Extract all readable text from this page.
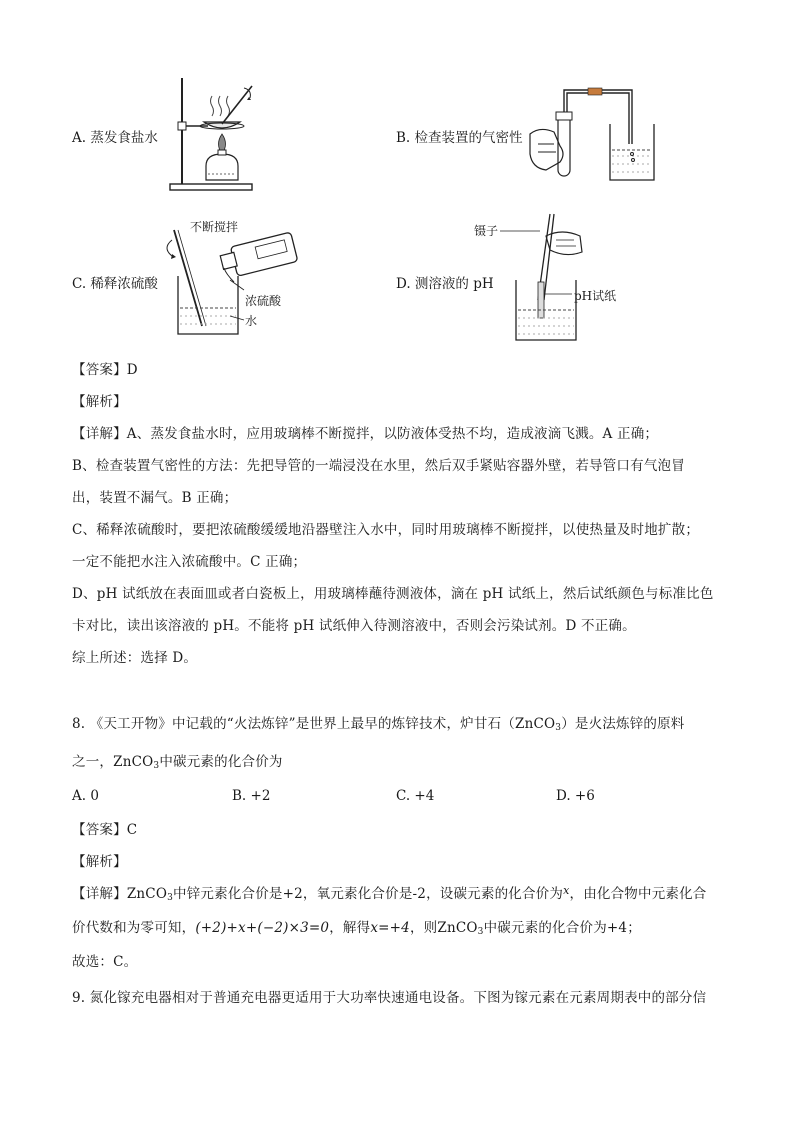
A. 蒸发食盐水	B. 检查装置的气密性
C. 稀释浓硫酸
不断搅拌
浓硫酸
水
D. 测溶液的 pH
镊子
pH试纸
【答案】D
【解析】
【详解】A、蒸发食盐水时，应用玻璃棒不断搅拌，以防液体受热不均，造成液滴飞溅。A 正确；
B、检查装置气密性的方法：先把导管的一端浸没在水里，然后双手紧贴容器外壁，若导管口有气泡冒
出，装置不漏气。B 正确；
C、稀释浓硫酸时，要把浓硫酸缓缓地沿器壁注入水中，同时用玻璃棒不断搅拌，以使热量及时地扩散；
一定不能把水注入浓硫酸中。C 正确；
D、pH 试纸放在表面皿或者白瓷板上，用玻璃棒蘸待测液体，滴在 pH 试纸上，然后试纸颜色与标准比色
卡对比，读出该溶液的 pH。不能将 pH 试纸伸入待测溶液中，否则会污染试剂。D 不正确。
综上所述：选择 D。
8. 《天工开物》中记载的“火法炼锌”是世界上最早的炼锌技术，炉甘石（ZnCO$_3$）是火法炼锌的原料
之一，ZnCO$_3$中碳元素的化合价为
A. 0	B. +2	C. +4	D. +6
【答案】C
【解析】
【详解】ZnCO$_3$中锌元素化合价是+2，氧元素化合价是-2，设碳元素的化合价为$^x$，由化合物中元素化合
价代数和为零可知，(+2)+x+(−2)×3=0，解得x=+4，则ZnCO$_3$中碳元素的化合价为+4；
故选：C。
9. 氮化镓充电器相对于普通充电器更适用于大功率快速通电设备。下图为镓元素在元素周期表中的部分信
